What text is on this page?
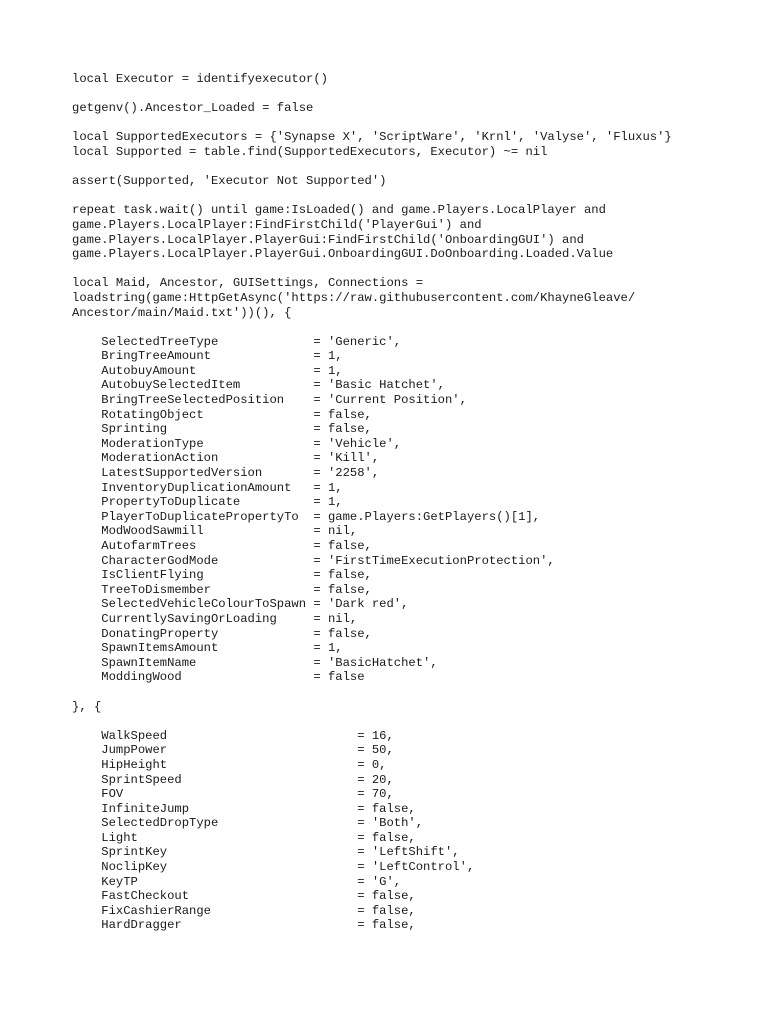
local Executor = identifyexecutor()
getgenv().Ancestor_Loaded = false
local SupportedExecutors = {'Synapse X', 'ScriptWare', 'Krnl', 'Valyse', 'Fluxus'}
local Supported = table.find(SupportedExecutors, Executor) ~= nil
assert(Supported, 'Executor Not Supported')
repeat task.wait() until game:IsLoaded() and game.Players.LocalPlayer and
game.Players.LocalPlayer:FindFirstChild('PlayerGui') and
game.Players.LocalPlayer.PlayerGui:FindFirstChild('OnboardingGUI') and
game.Players.LocalPlayer.PlayerGui.OnboardingGUI.DoOnboarding.Loaded.Value
local Maid, Ancestor, GUISettings, Connections =
loadstring(game:HttpGetAsync('https://raw.githubusercontent.com/KhayneGleave/
Ancestor/main/Maid.txt'))(), {
SelectedTreeType             = 'Generic',
BringTreeAmount              = 1,
AutobuyAmount                = 1,
AutobuySelectedItem          = 'Basic Hatchet',
BringTreeSelectedPosition    = 'Current Position',
RotatingObject               = false,
Sprinting                    = false,
ModerationType               = 'Vehicle',
ModerationAction             = 'Kill',
LatestSupportedVersion       = '2258',
InventoryDuplicationAmount   = 1,
PropertyToDuplicate          = 1,
PlayerToDuplicatePropertyTo  = game.Players:GetPlayers()[1],
ModWoodSawmill               = nil,
AutofarmTrees                = false,
CharacterGodMode             = 'FirstTimeExecutionProtection',
IsClientFlying               = false,
TreeToDismember              = false,
SelectedVehicleColourToSpawn = 'Dark red',
CurrentlySavingOrLoading     = nil,
DonatingProperty             = false,
SpawnItemsAmount             = 1,
SpawnItemName                = 'BasicHatchet',
ModdingWood                  = false
}, {
WalkSpeed                          = 16,
JumpPower                          = 50,
HipHeight                          = 0,
SprintSpeed                        = 20,
FOV                                = 70,
InfiniteJump                       = false,
SelectedDropType                   = 'Both',
Light                              = false,
SprintKey                          = 'LeftShift',
NoclipKey                          = 'LeftControl',
KeyTP                              = 'G',
FastCheckout                       = false,
FixCashierRange                    = false,
HardDragger                        = false,
